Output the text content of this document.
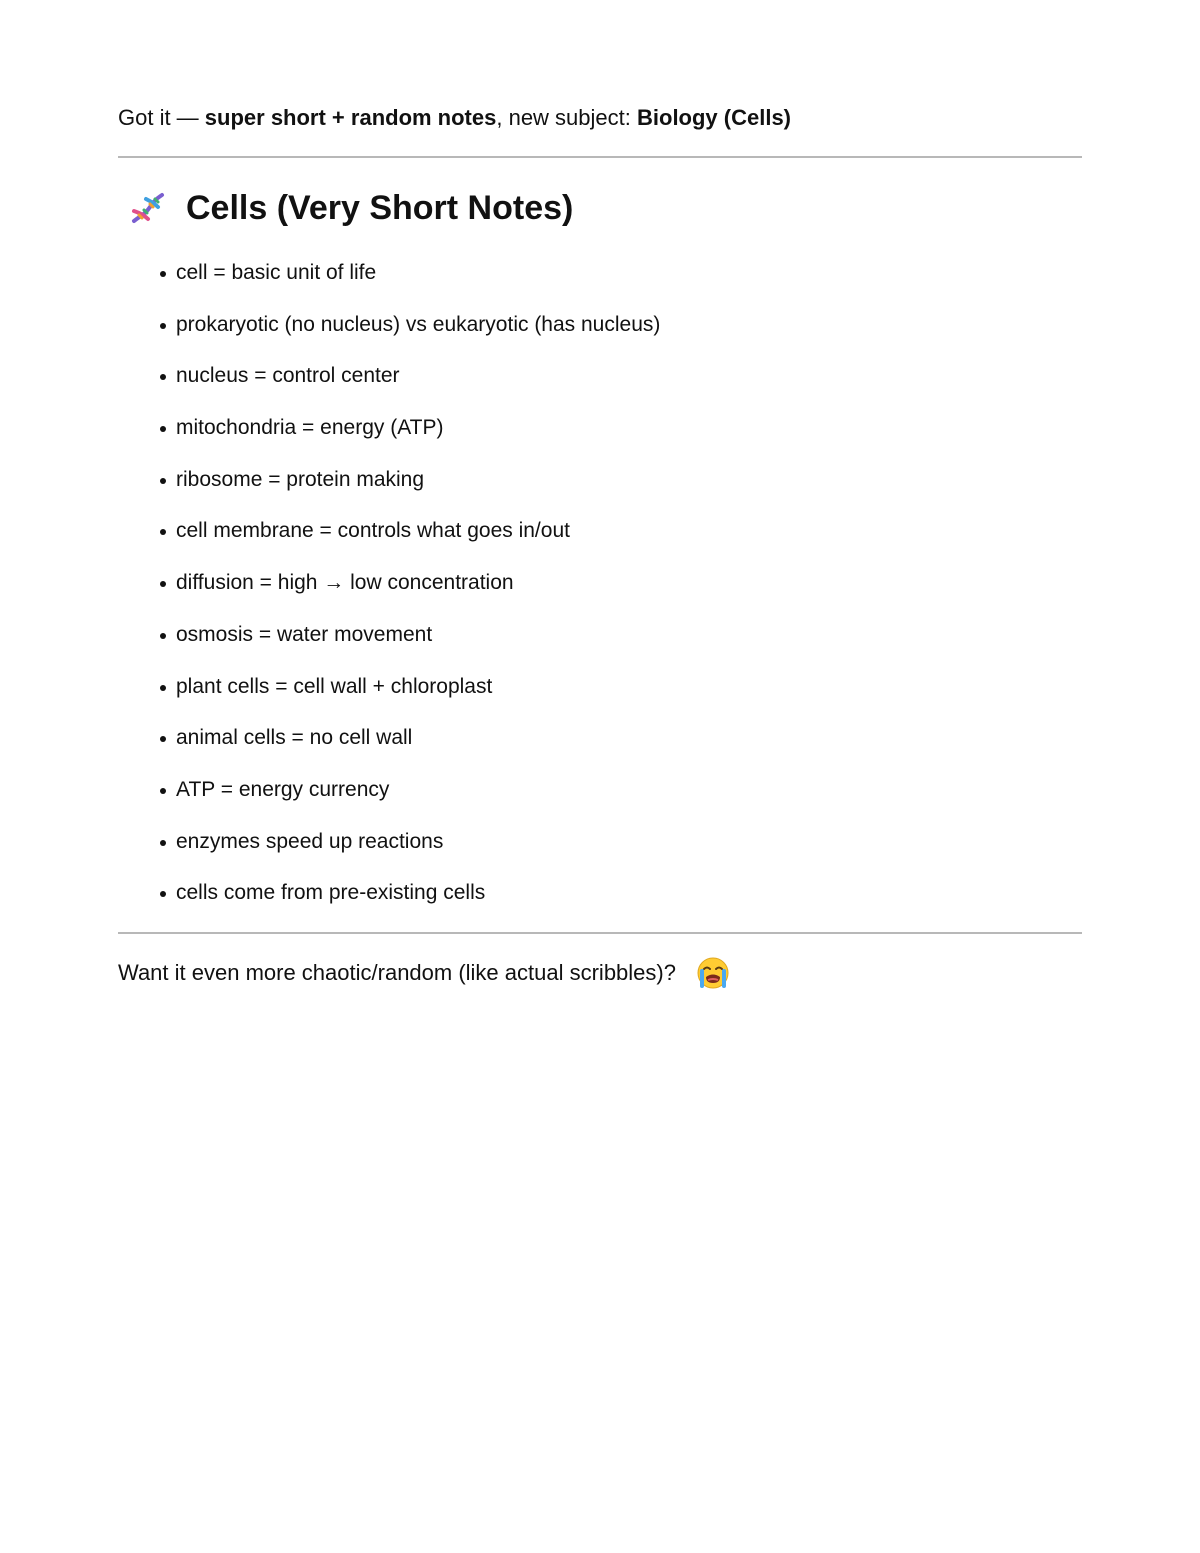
Got it — super short + random notes, new subject: Biology (Cells)
Cells (Very Short Notes)
cell = basic unit of life
prokaryotic (no nucleus) vs eukaryotic (has nucleus)
nucleus = control center
mitochondria = energy (ATP)
ribosome = protein making
cell membrane = controls what goes in/out
diffusion = high → low concentration
osmosis = water movement
plant cells = cell wall + chloroplast
animal cells = no cell wall
ATP = energy currency
enzymes speed up reactions
cells come from pre-existing cells
Want it even more chaotic/random (like actual scribbles)?
